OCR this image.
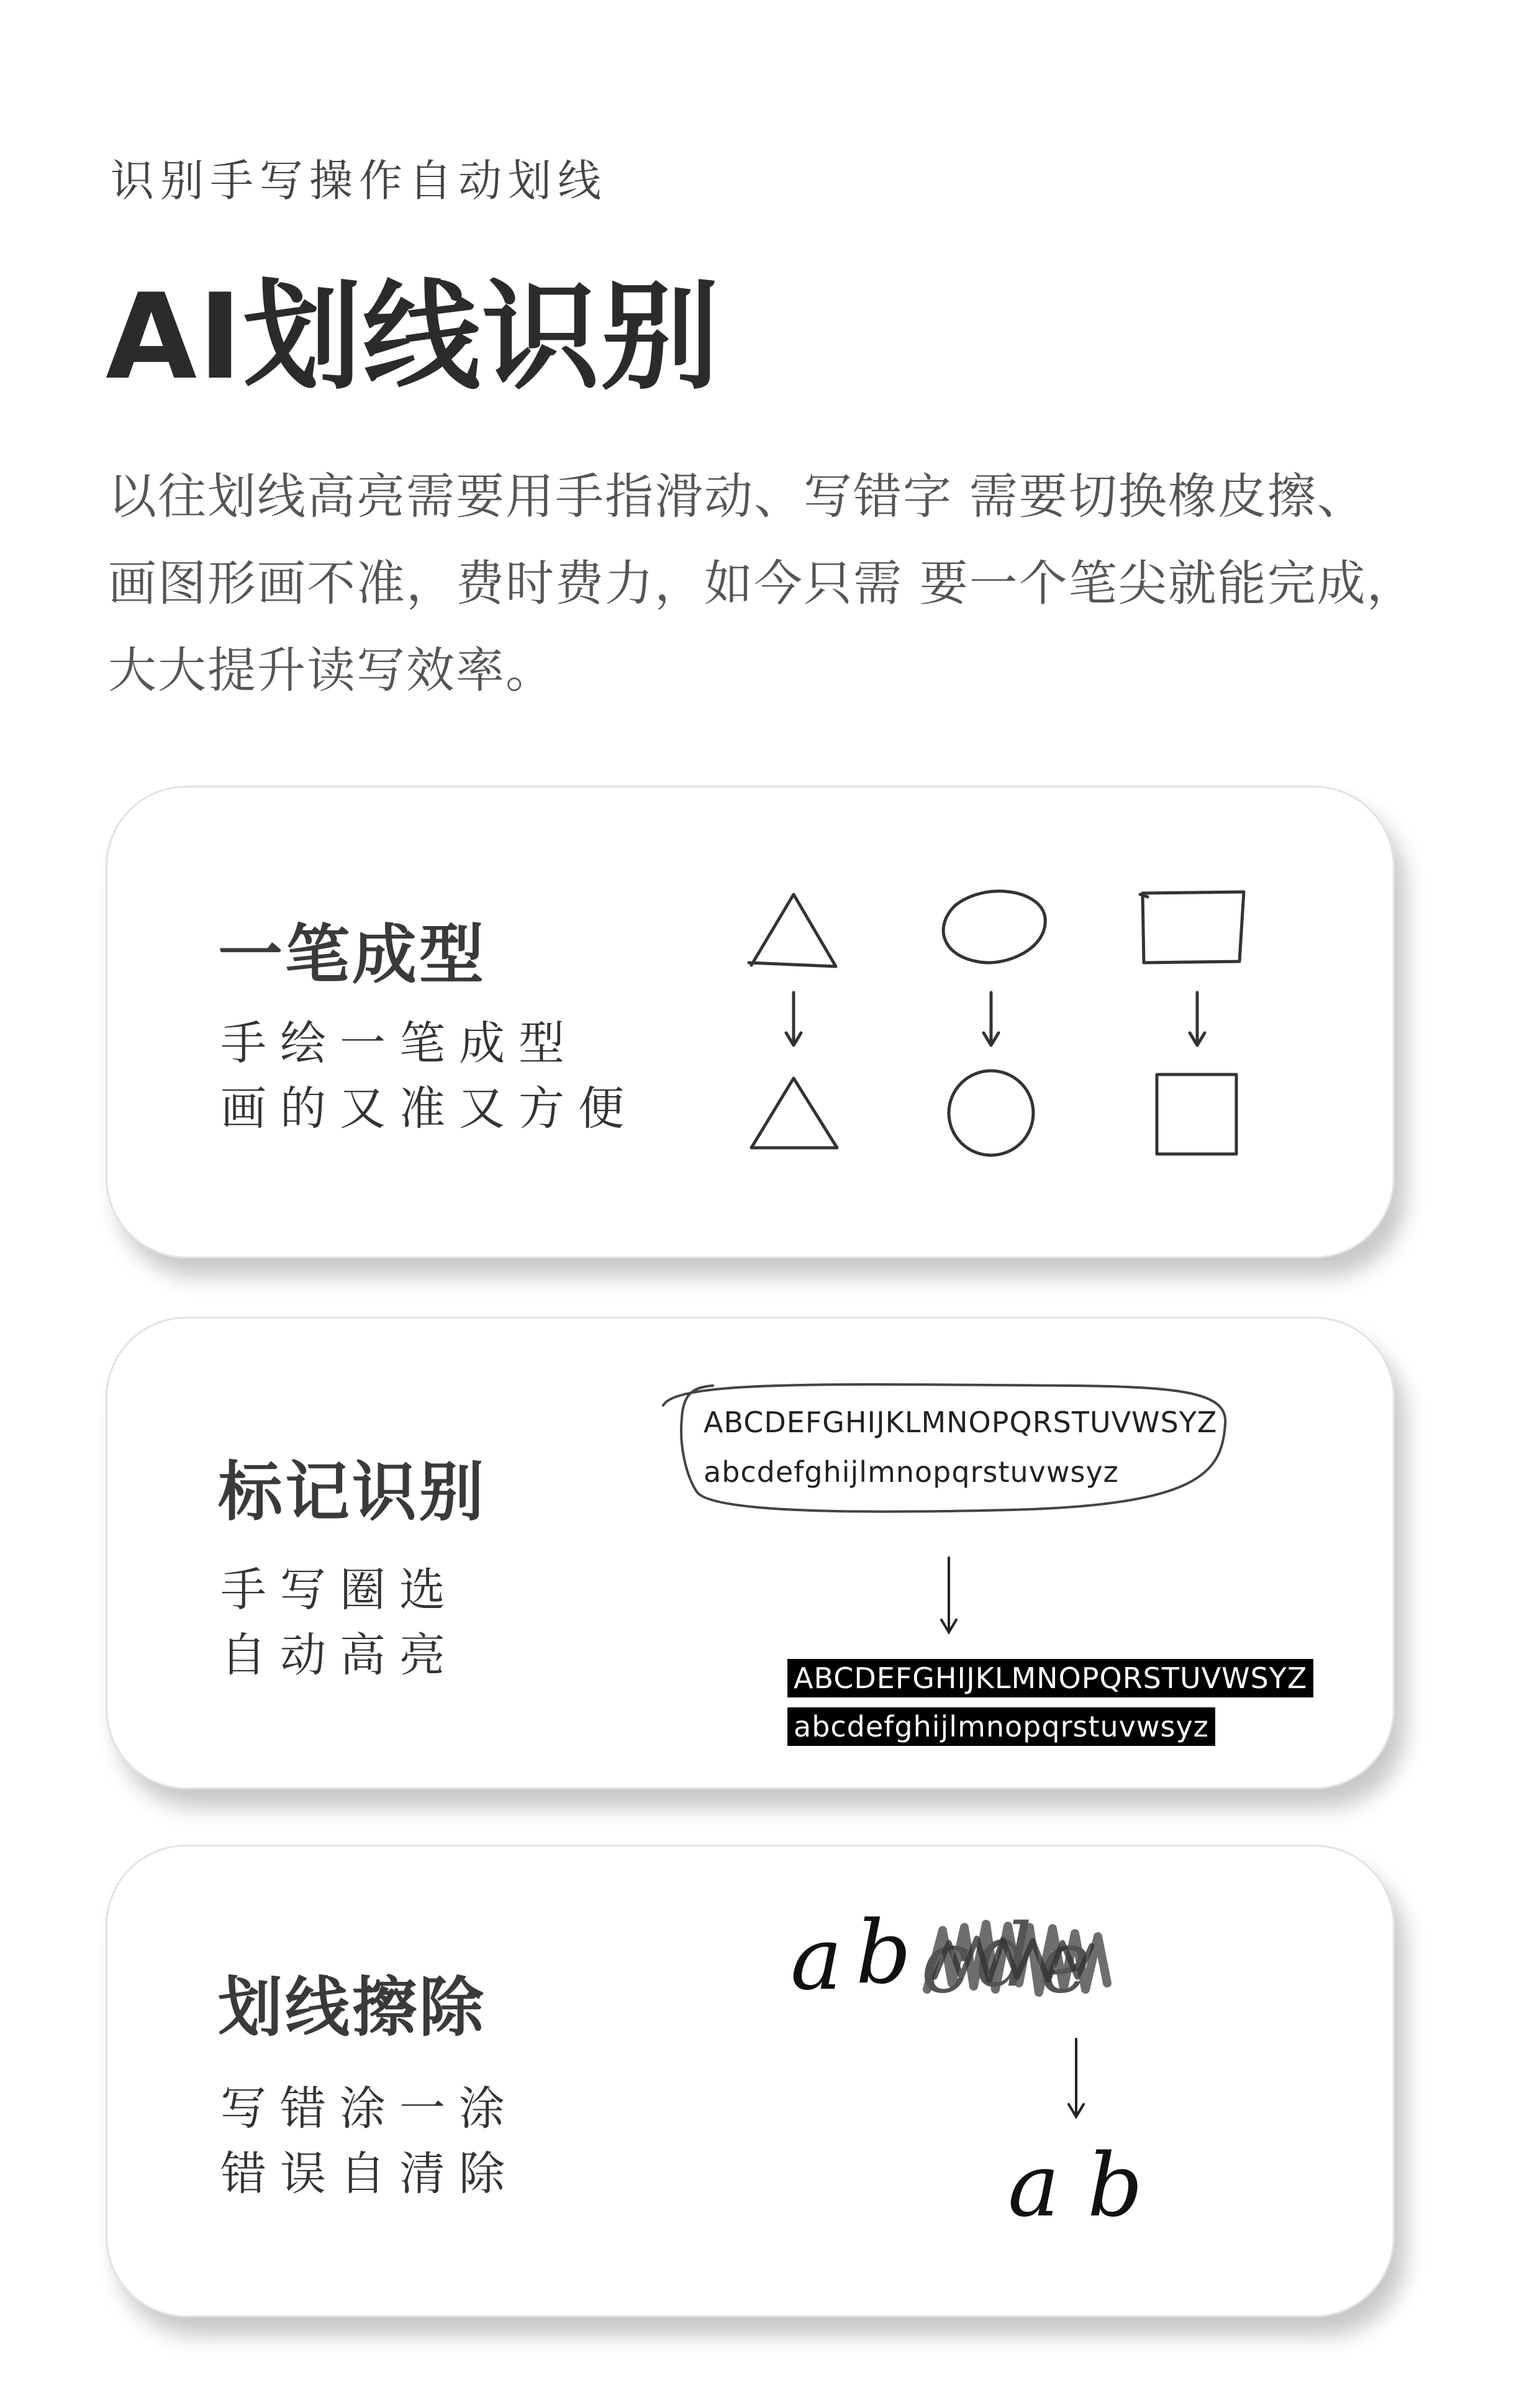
识别手写操作自动划线
AI划线识别
以往划线高亮需要用手指滑动、写错字 需要切换橡皮擦、
画图形画不准，费时费力，如今只需 要一个笔尖就能完成，
大大提升读写效率。
一笔成型
手绘一笔成型
画的又准又方便
标记识别
手写圈选
自动高亮
ABCDEFGHIJKLMNOPQRSTUVWSYZ
abcdefghijlmnopqrstuvwsyz
ABCDEFGHIJKLMNOPQRSTUVWSYZ
abcdefghijlmnopqrstuvwsyz
划线擦除
写错涂一涂
错误自清除
a b c d e
a b
